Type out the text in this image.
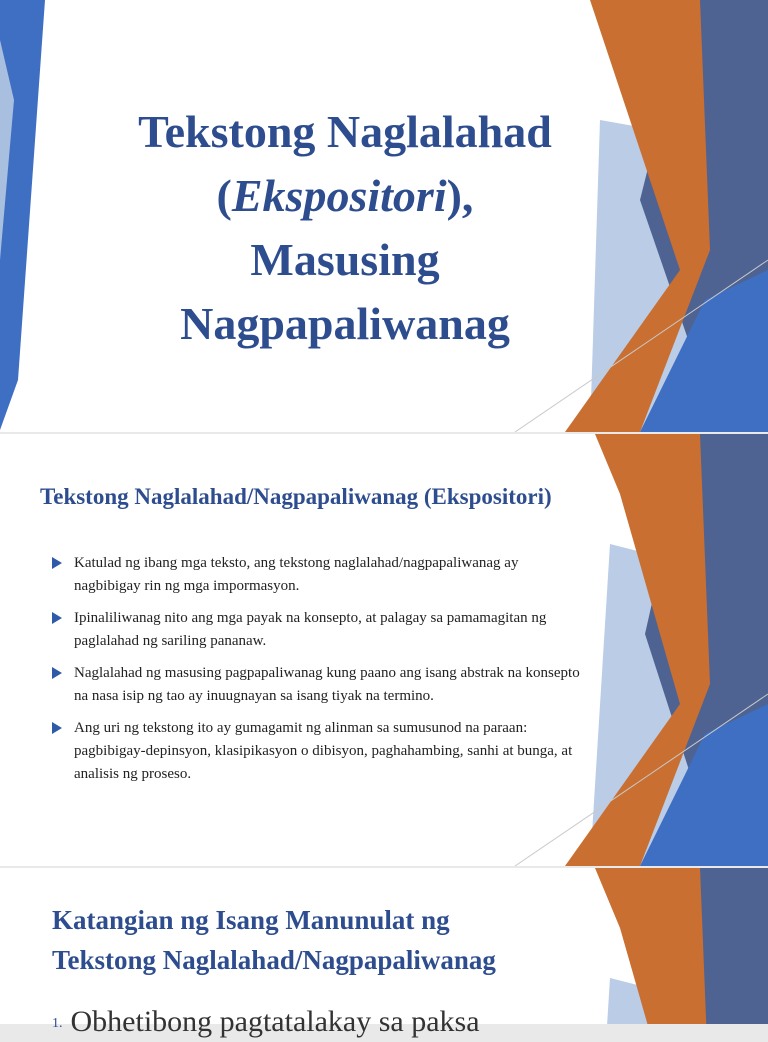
Tekstong Naglalahad
(Ekspositori),
Masusing
Nagpapaliwanag
Tekstong Naglalahad/Nagpapaliwanag (Ekspositori)
Katulad ng ibang mga teksto, ang tekstong naglalahad/nagpapaliwanag ay nagbibigay rin ng mga impormasyon.
Ipinaliliwanag nito ang mga payak na konsepto, at palagay sa pamamagitan ng paglalahad ng sariling pananaw.
Naglalahad ng masusing pagpapaliwanag kung paano ang isang abstrak na konsepto na nasa isip ng tao ay inuugnayan sa isang tiyak na termino.
Ang uri ng tekstong ito ay gumagamit ng alinman sa sumusunod na paraan: pagbibigay-depinsyon, klasipikasyon o dibisyon, paghahambing, sanhi at bunga, at analisis ng proseso.
Katangian ng Isang Manunulat ng
Tekstong Naglalahad/Nagpapaliwanag

1. Obhetibong pagtatalakay sa paksa
